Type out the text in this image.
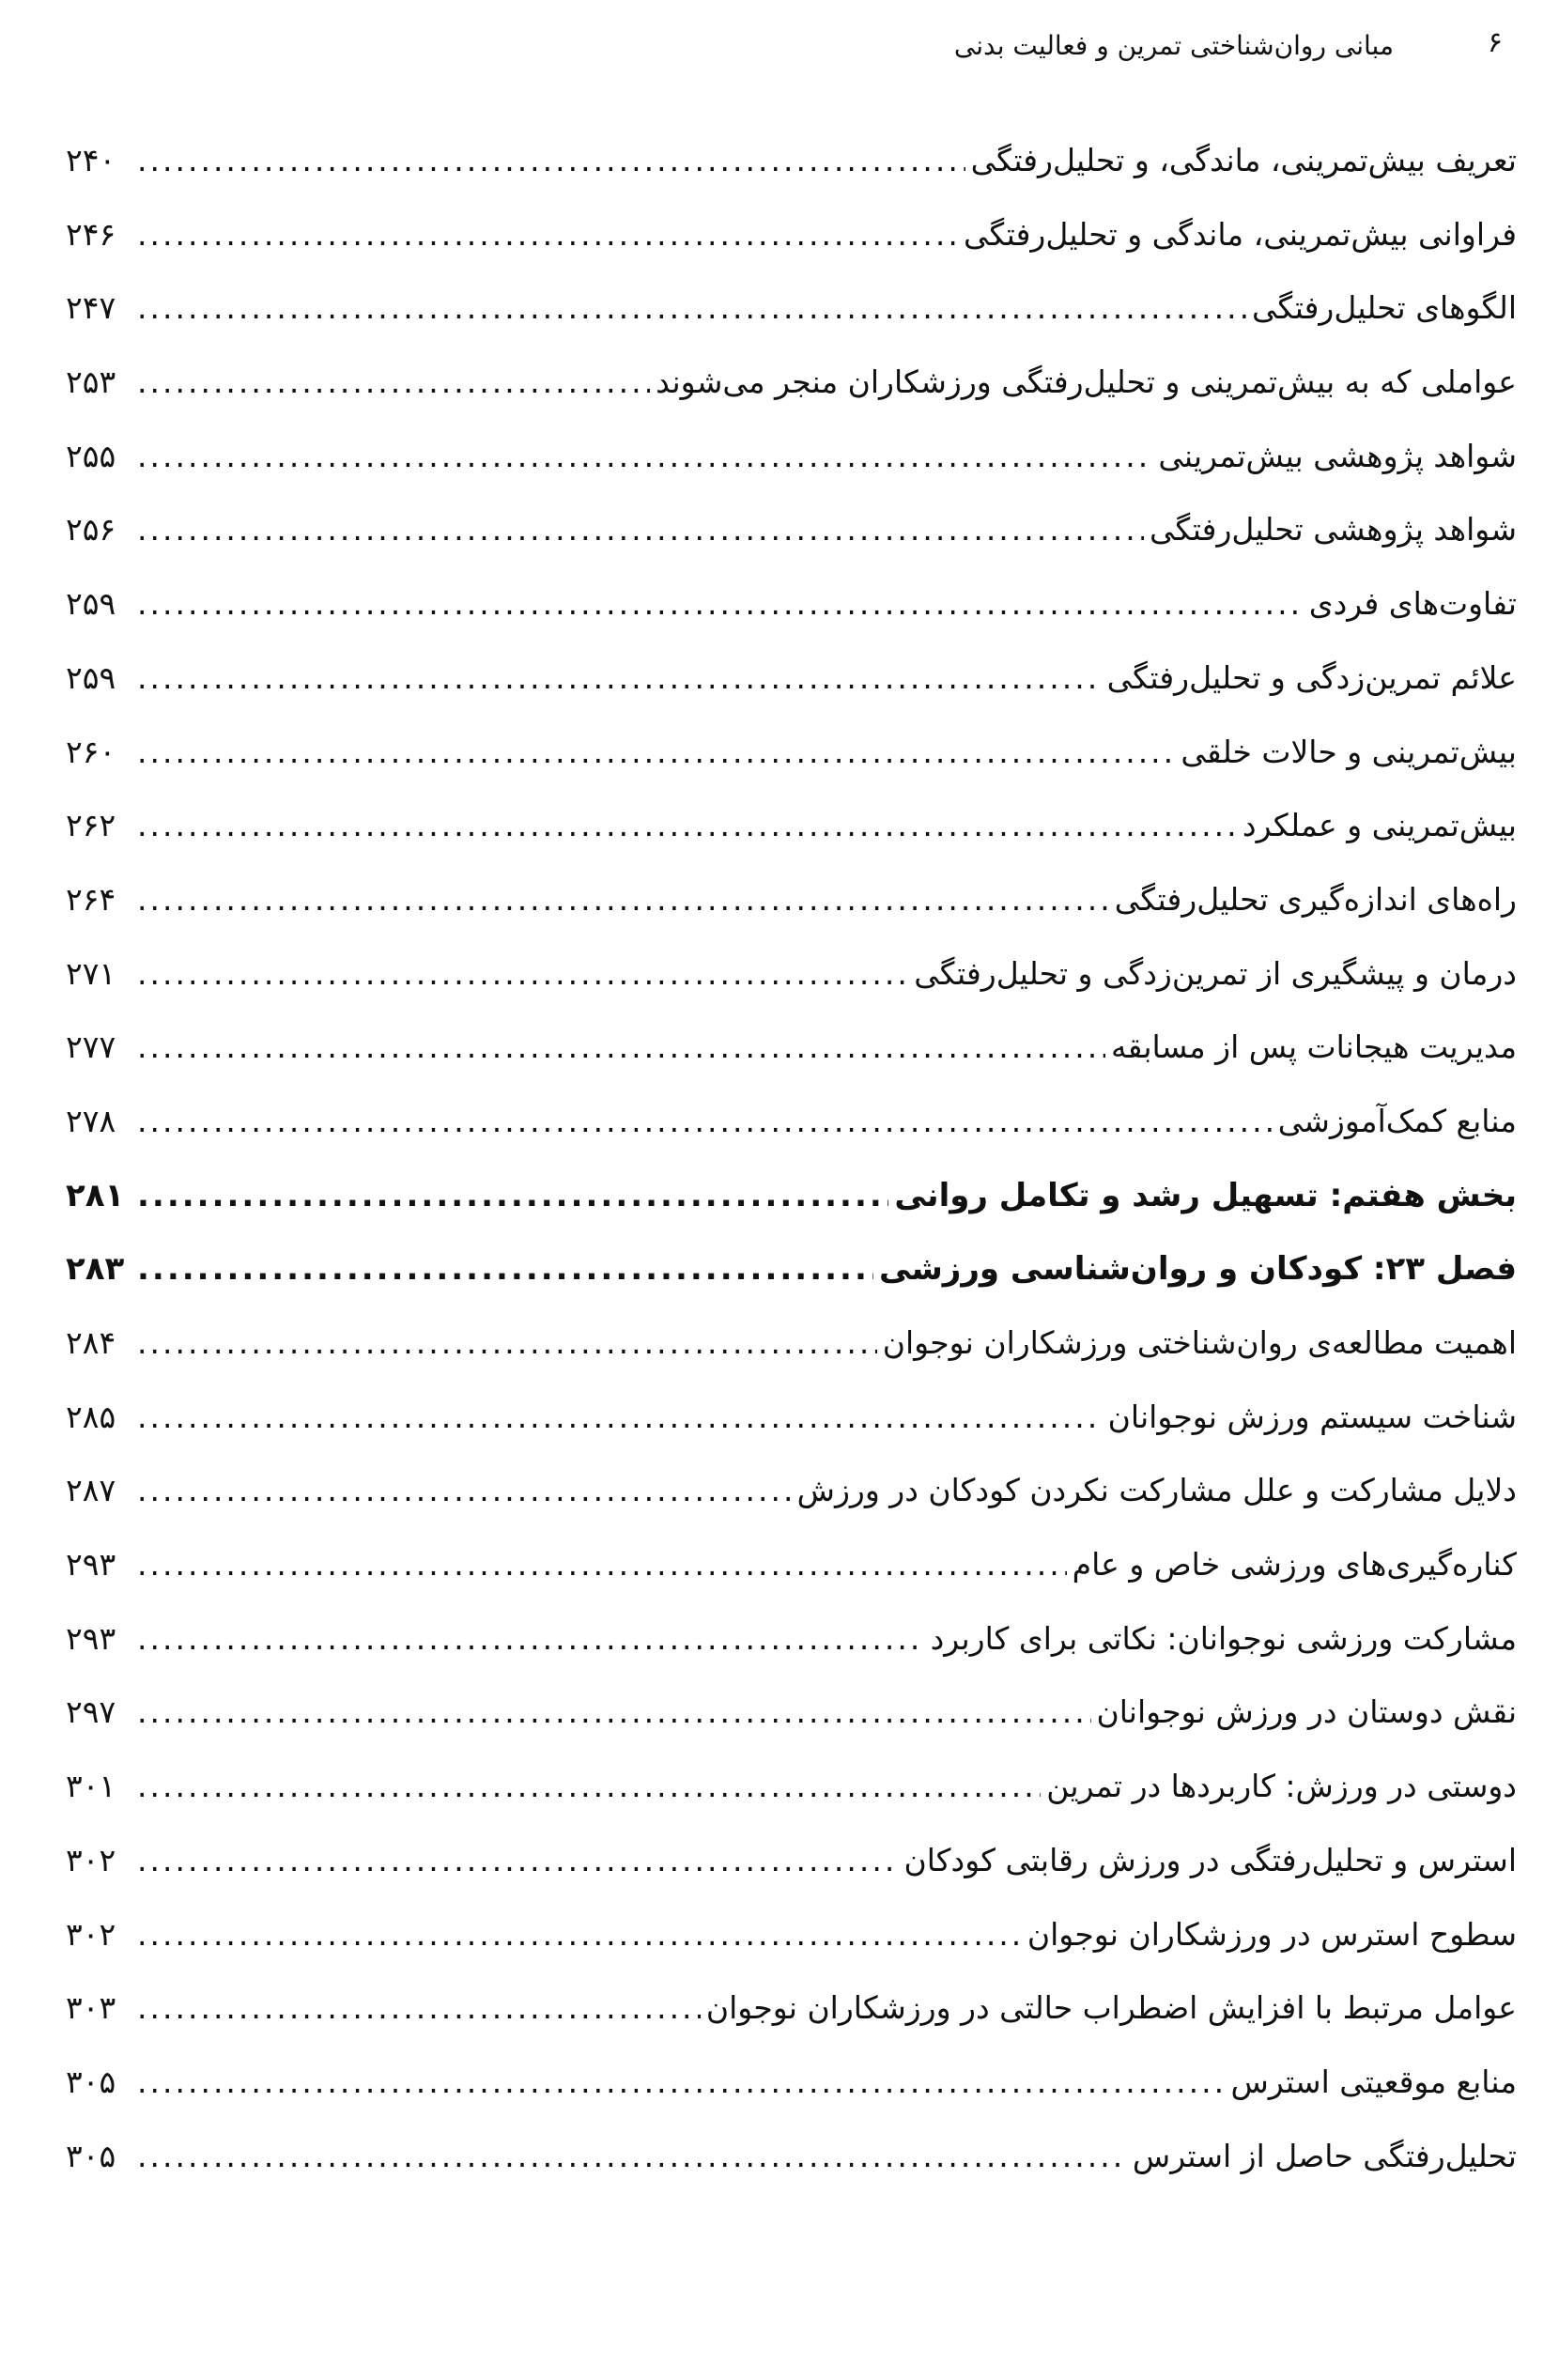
۶
مبانی روان‌شناختی تمرین و فعالیت بدنی
تعریف بیش‌تمرینی، ماندگی، و تحلیل‌رفتگی
.....
۲۴۰
فراوانی بیش‌تمرینی، ماندگی و تحلیل‌رفتگی
.....
۲۴۶
الگوهای تحلیل‌رفتگی
.....
۲۴۷
عواملی که به بیش‌تمرینی و تحلیل‌رفتگی ورزشکاران منجر می‌شوند
.....
۲۵۳
شواهد پژوهشی بیش‌تمرینی
.....
۲۵۵
شواهد پژوهشی تحلیل‌رفتگی
.....
۲۵۶
تفاوت‌های فردی
.....
۲۵۹
علائم تمرین‌زدگی و تحلیل‌رفتگی
.....
۲۵۹
بیش‌تمرینی و حالات خلقی
.....
۲۶۰
بیش‌تمرینی و عملکرد
.....
۲۶۲
راه‌های اندازه‌گیری تحلیل‌رفتگی
.....
۲۶۴
درمان و پیشگیری از تمرین‌زدگی و تحلیل‌رفتگی
.....
۲۷۱
مدیریت هیجانات پس از مسابقه
.....
۲۷۷
منابع کمک‌آموزشی
.....
۲۷۸
بخش هفتم: تسهیل رشد و تکامل روانی
.....
۲۸۱
فصل ۲۳: کودکان و روان‌شناسی ورزشی
.....
۲۸۳
اهمیت مطالعه‌ی روان‌شناختی ورزشکاران نوجوان
.....
۲۸۴
شناخت سیستم ورزش نوجوانان
.....
۲۸۵
دلایل مشارکت و علل مشارکت نکردن کودکان در ورزش
.....
۲۸۷
کناره‌گیری‌های ورزشی خاص و عام
.....
۲۹۳
مشارکت ورزشی نوجوانان: نکاتی برای کاربرد
.....
۲۹۳
نقش دوستان در ورزش نوجوانان
.....
۲۹۷
دوستی در ورزش: کاربردها در تمرین
.....
۳۰۱
استرس و تحلیل‌رفتگی در ورزش رقابتی کودکان
.....
۳۰۲
سطوح استرس در ورزشکاران نوجوان
.....
۳۰۲
عوامل مرتبط با افزایش اضطراب حالتی در ورزشکاران نوجوان
.....
۳۰۳
منابع موقعیتی استرس
.....
۳۰۵
تحلیل‌رفتگی حاصل از استرس
.....
۳۰۵
